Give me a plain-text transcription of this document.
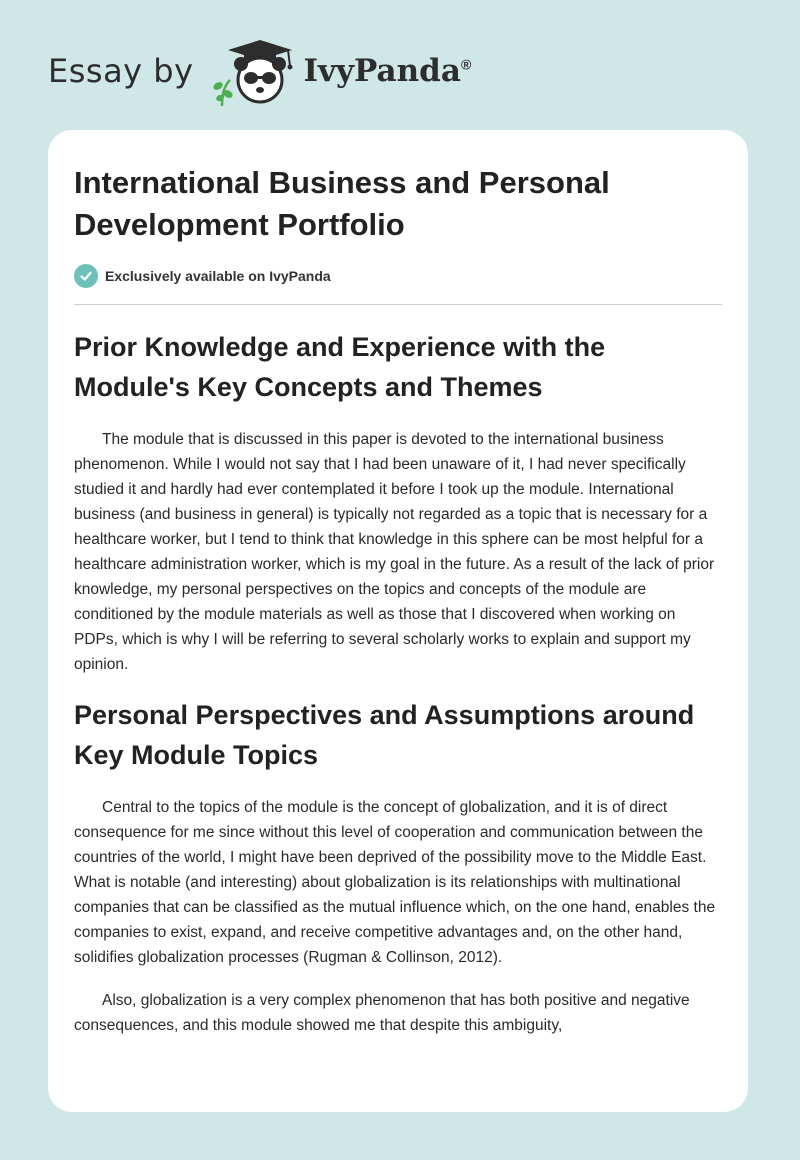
Essay by	IvyPanda®
International Business and Personal Development Portfolio
Exclusively available on IvyPanda
Prior Knowledge and Experience with the Module's Key Concepts and Themes

The module that is discussed in this paper is devoted to the international business phenomenon. While I would not say that I had been unaware of it, I had never specifically studied it and hardly had ever contemplated it before I took up the module. International business (and business in general) is typically not regarded as a topic that is necessary for a healthcare worker, but I tend to think that knowledge in this sphere can be most helpful for a healthcare administration worker, which is my goal in the future. As a result of the lack of prior knowledge, my personal perspectives on the topics and concepts of the module are conditioned by the module materials as well as those that I discovered when working on PDPs, which is why I will be referring to several scholarly works to explain and support my opinion.

Personal Perspectives and Assumptions around Key Module Topics

Central to the topics of the module is the concept of globalization, and it is of direct consequence for me since without this level of cooperation and communication between the countries of the world, I might have been deprived of the possibility move to the Middle East. What is notable (and interesting) about globalization is its relationships with multinational companies that can be classified as the mutual influence which, on the one hand, enables the companies to exist, expand, and receive competitive advantages and, on the other hand, solidifies globalization processes (Rugman & Collinson, 2012).

Also, globalization is a very complex phenomenon that has both positive and negative consequences, and this module showed me that despite this ambiguity,
